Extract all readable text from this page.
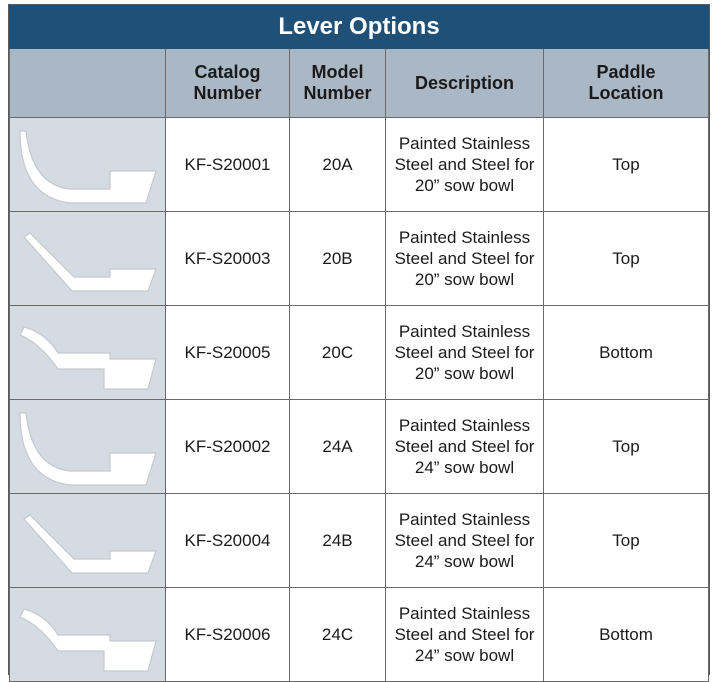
Lever Options				
	Catalog
Number	Model
Number	Description	Paddle
Location

	KF-S20001	20A	Painted Stainless
Steel and Steel for
20” sow bowl	Top

	KF-S20003	20B	Painted Stainless
Steel and Steel for
20” sow bowl	Top

	KF-S20005	20C	Painted Stainless
Steel and Steel for
20” sow bowl	Bottom

	KF-S20002	24A	Painted Stainless
Steel and Steel for
24” sow bowl	Top

	KF-S20004	24B	Painted Stainless
Steel and Steel for
24” sow bowl	Top

	KF-S20006	24C	Painted Stainless
Steel and Steel for
24” sow bowl	Bottom
